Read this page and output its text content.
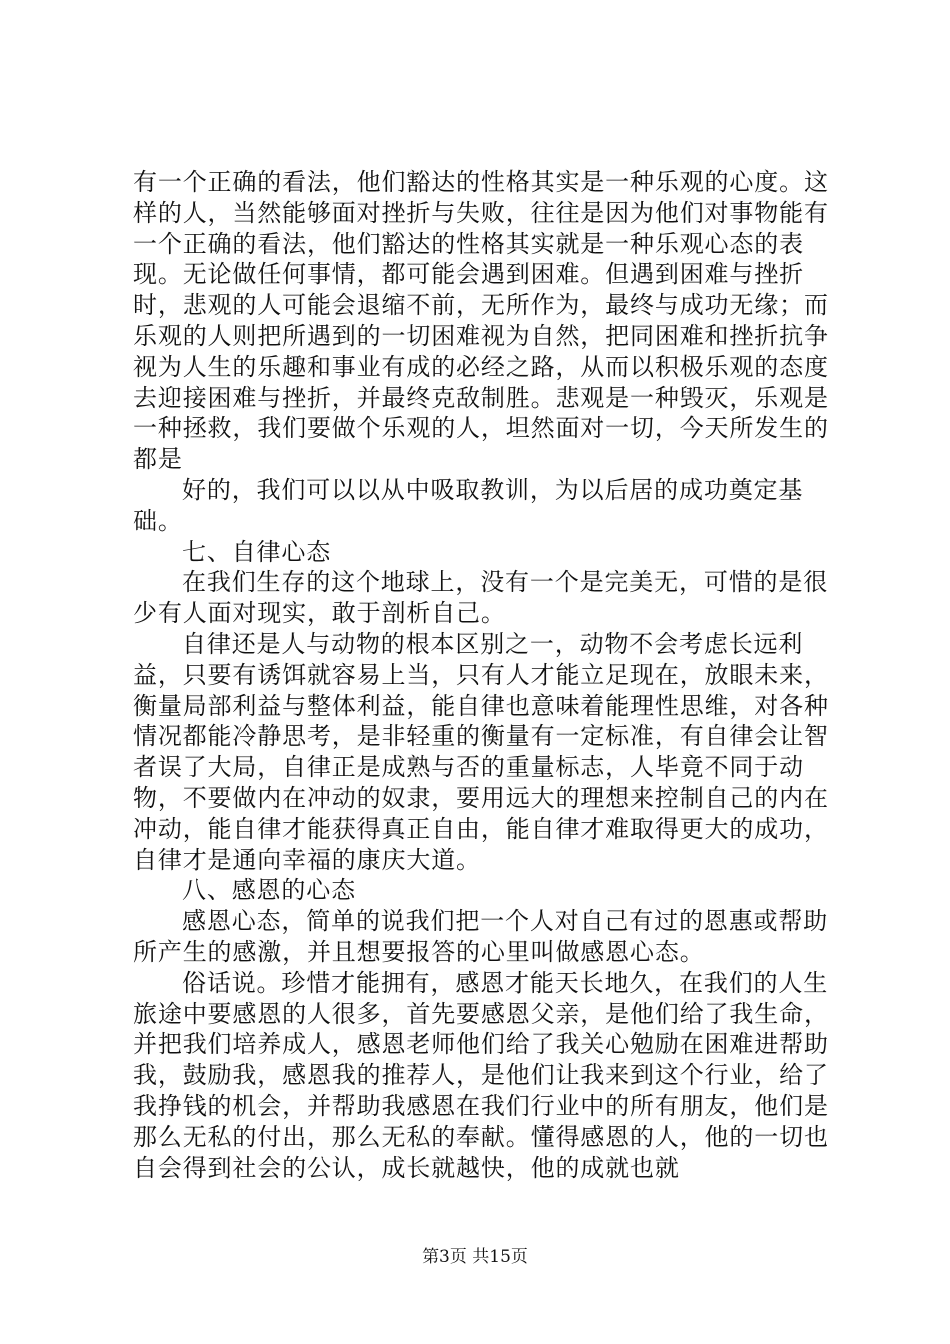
有一个正确的看法，他们豁达的性格其实是一种乐观的心度。这样的人，当然能够面对挫折与失败，往往是因为他们对事物能有一个正确的看法，他们豁达的性格其实就是一种乐观心态的表现。无论做任何事情，都可能会遇到困难。但遇到困难与挫折时，悲观的人可能会退缩不前，无所作为，最终与成功无缘；而乐观的人则把所遇到的一切困难视为自然，把同困难和挫折抗争视为人生的乐趣和事业有成的必经之路，从而以积极乐观的态度去迎接困难与挫折，并最终克敌制胜。悲观是一种毁灭，乐观是一种拯救，我们要做个乐观的人，坦然面对一切，今天所发生的都是

好的，我们可以以从中吸取教训，为以后居的成功奠定基础。

七、自律心态

在我们生存的这个地球上，没有一个是完美无，可惜的是很少有人面对现实，敢于剖析自己。

自律还是人与动物的根本区别之一，动物不会考虑长远利益，只要有诱饵就容易上当，只有人才能立足现在，放眼未来，衡量局部利益与整体利益，能自律也意味着能理性思维，对各种情况都能冷静思考，是非轻重的衡量有一定标准，有自律会让智者误了大局，自律正是成熟与否的重量标志，人毕竟不同于动物，不要做内在冲动的奴隶，要用远大的理想来控制自己的内在冲动，能自律才能获得真正自由，能自律才难取得更大的成功，自律才是通向幸福的康庆大道。

八、感恩的心态

感恩心态，简单的说我们把一个人对自己有过的恩惠或帮助所产生的感激，并且想要报答的心里叫做感恩心态。

俗话说。珍惜才能拥有，感恩才能天长地久，在我们的人生旅途中要感恩的人很多，首先要感恩父亲，是他们给了我生命，并把我们培养成人，感恩老师他们给了我关心勉励在困难进帮助我，鼓励我，感恩我的推荐人，是他们让我来到这个行业，给了我挣钱的机会，并帮助我感恩在我们行业中的所有朋友，他们是那么无私的付出，那么无私的奉献。懂得感恩的人，他的一切也自会得到社会的公认，成长就越快，他的成就也就

第3页 共15页
